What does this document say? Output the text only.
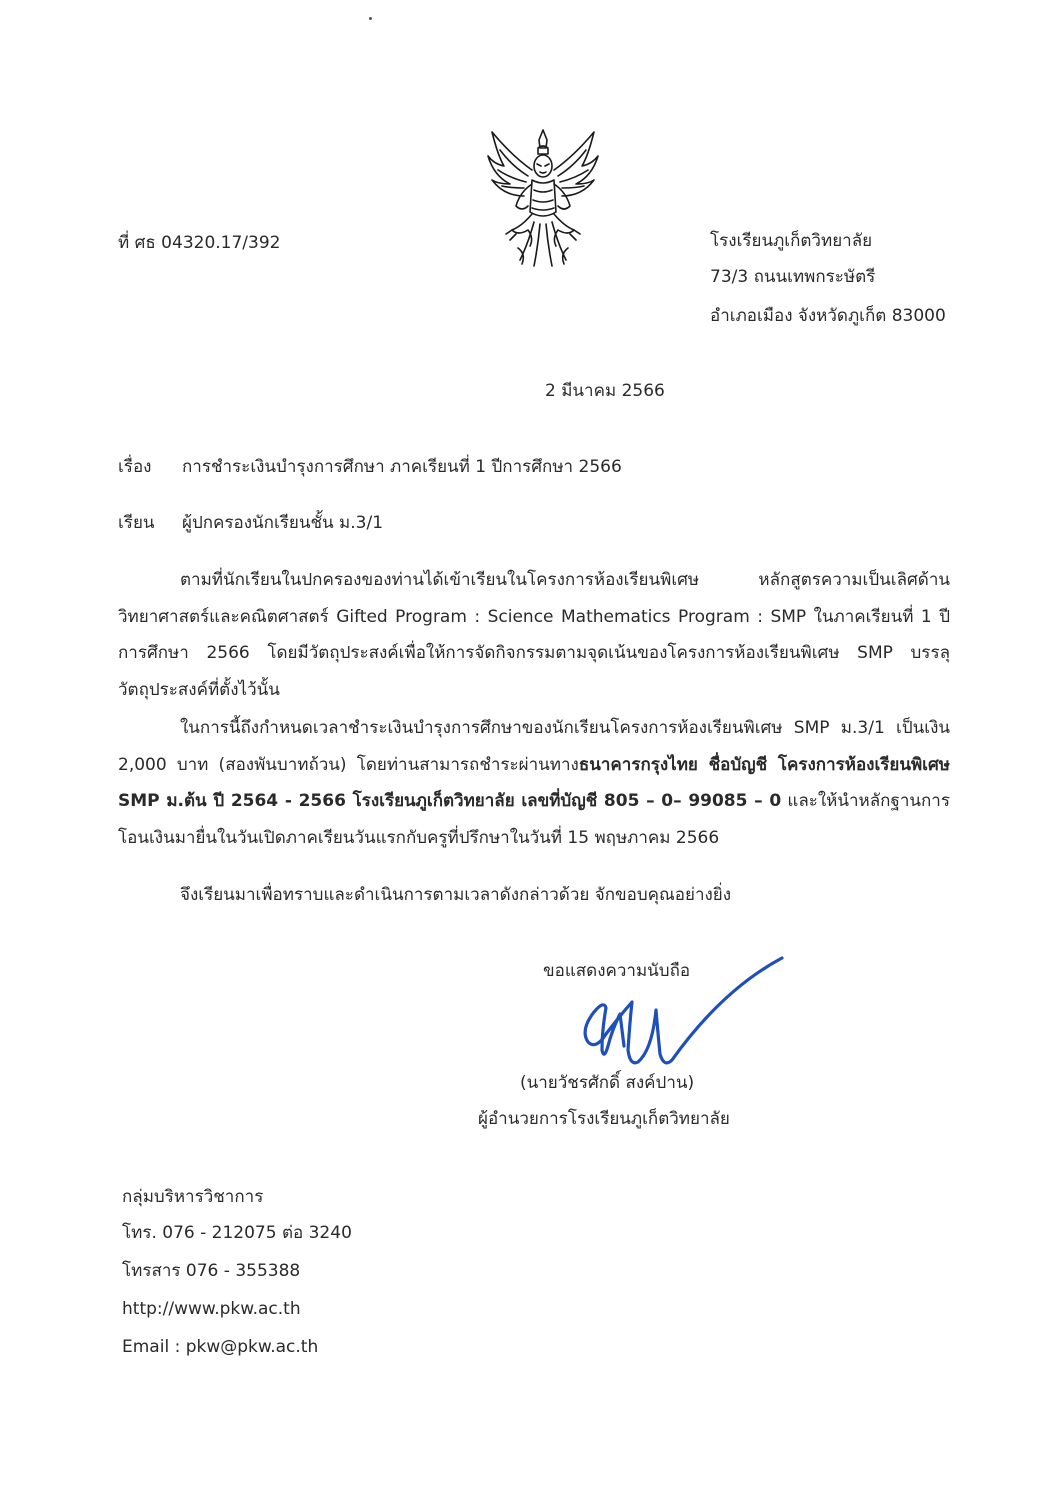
ที่ ศธ 04320.17/392	โรงเรียนภูเก็ตวิทยาลัย
73/3 ถนนเทพกระษัตรี
อำเภอเมือง จังหวัดภูเก็ต 83000
2 มีนาคม 2566
เรื่อง การชำระเงินบำรุงการศึกษา ภาคเรียนที่ 1 ปีการศึกษา 2566
เรียน ผู้ปกครองนักเรียนชั้น ม.3/1
ตามที่นักเรียนในปกครองของท่านได้เข้าเรียนในโครงการห้องเรียนพิเศษ หลักสูตรความเป็นเลิศด้านวิทยาศาสตร์และคณิตศาสตร์ Gifted Program : Science Mathematics Program : SMP ในภาคเรียนที่ 1 ปีการศึกษา 2566 โดยมีวัตถุประสงค์เพื่อให้การจัดกิจกรรมตามจุดเน้นของโครงการห้องเรียนพิเศษ SMP บรรลุวัตถุประสงค์ที่ตั้งไว้นั้น
ในการนี้ถึงกำหนดเวลาชำระเงินบำรุงการศึกษาของนักเรียนโครงการห้องเรียนพิเศษ SMP ม.3/1 เป็นเงิน 2,000 บาท (สองพันบาทถ้วน) โดยท่านสามารถชำระผ่านทางธนาคารกรุงไทย ชื่อบัญชี โครงการห้องเรียนพิเศษ SMP ม.ต้น ปี 2564 - 2566 โรงเรียนภูเก็ตวิทยาลัย เลขที่บัญชี 805 – 0– 99085 – 0 และให้นำหลักฐานการโอนเงินมายื่นในวันเปิดภาคเรียนวันแรกกับครูที่ปรึกษาในวันที่ 15 พฤษภาคม 2566
จึงเรียนมาเพื่อทราบและดำเนินการตามเวลาดังกล่าวด้วย จักขอบคุณอย่างยิ่ง
ขอแสดงความนับถือ
(นายวัชรศักดิ์ สงค์ปาน)
ผู้อำนวยการโรงเรียนภูเก็ตวิทยาลัย
กลุ่มบริหารวิชาการ
โทร. 076 - 212075 ต่อ 3240
โทรสาร 076 - 355388
http://www.pkw.ac.th
Email : pkw@pkw.ac.th
